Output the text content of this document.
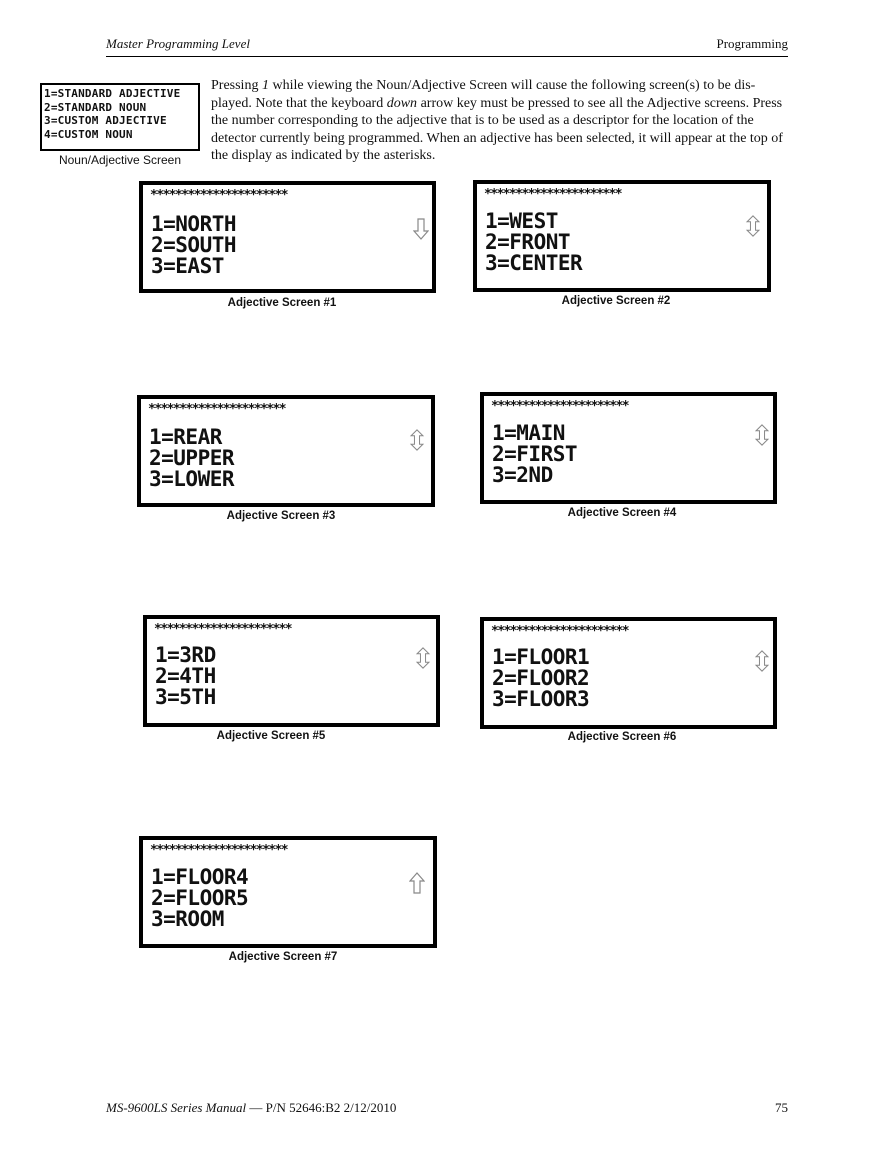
Master Programming Level	Programming
1=STANDARD ADJECTIVE
2=STANDARD NOUN
3=CUSTOM ADJECTIVE
4=CUSTOM NOUN
Noun/Adjective Screen
Pressing 1 while viewing the Noun/Adjective Screen will cause the following screen(s) to be dis-played. Note that the keyboard down arrow key must be pressed to see all the Adjective screens. Press the number corresponding to the adjective that is to be used as a descriptor for the location of the detector currently being programmed. When an adjective has been selected, it will appear at the top of the display as indicated by the asterisks.
**********************
1=NORTH
2=SOUTH
3=EAST
Adjective Screen #1
**********************
1=WEST
2=FRONT
3=CENTER
Adjective Screen #2
**********************
1=REAR
2=UPPER
3=LOWER
Adjective Screen #3
**********************
1=MAIN
2=FIRST
3=2ND
Adjective Screen #4
**********************
1=3RD
2=4TH
3=5TH
Adjective Screen #5
**********************
1=FLOOR1
2=FLOOR2
3=FLOOR3
Adjective Screen #6
**********************
1=FLOOR4
2=FLOOR5
3=ROOM
Adjective Screen #7
MS-9600LS Series Manual — P/N 52646:B2 2/12/2010	75
